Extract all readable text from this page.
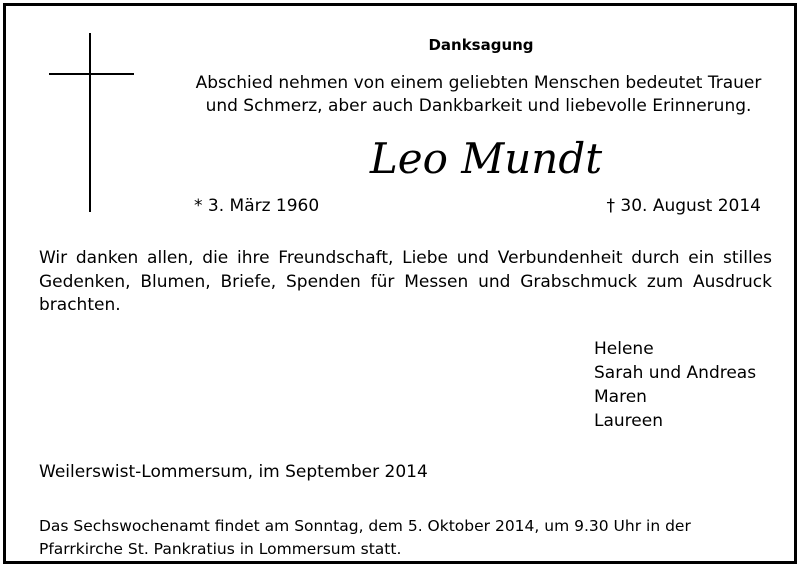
Danksagung
Abschied nehmen von einem geliebten Menschen bedeutet Trauer
und Schmerz, aber auch Dankbarkeit und liebevolle Erinnerung.
Leo Mundt
* 3. März 1960	† 30. August 2014
Wir danken allen, die ihre Freundschaft, Liebe und Verbundenheit durch ein stilles Gedenken, Blumen, Briefe, Spenden für Messen und Grabschmuck zum Ausdruck brachten.
Helene
Sarah und Andreas
Maren
Laureen
Weilerswist-Lommersum, im September 2014
Das Sechswochenamt findet am Sonntag, dem 5. Oktober 2014, um 9.30 Uhr in der
Pfarrkirche St. Pankratius in Lommersum statt.
